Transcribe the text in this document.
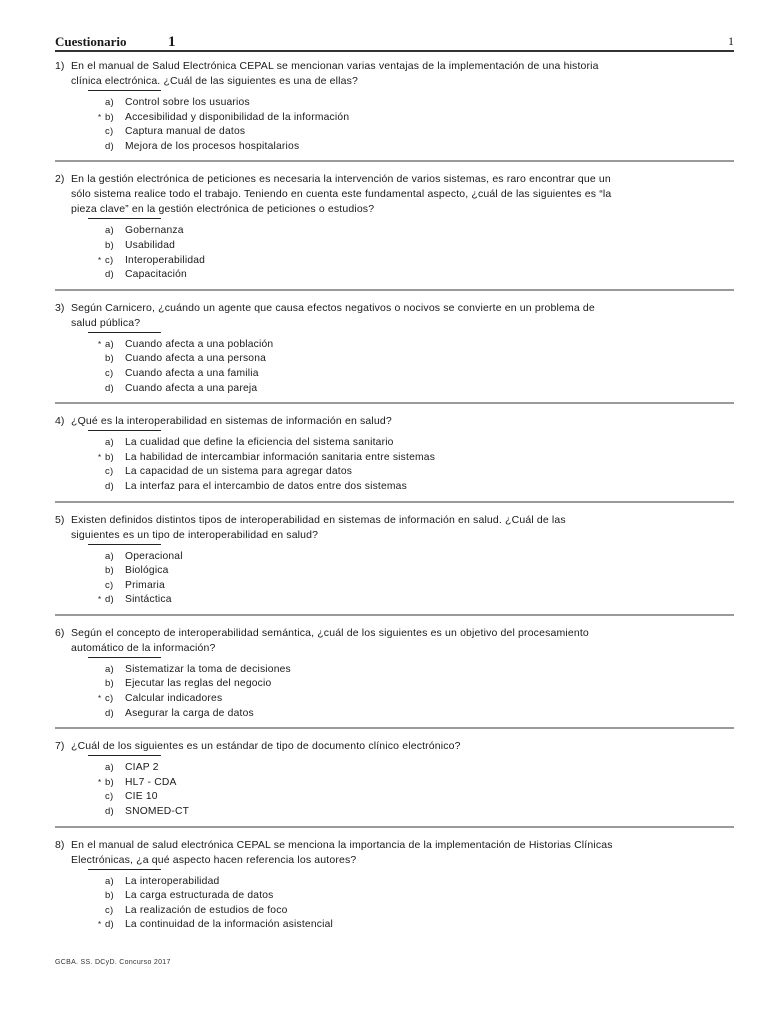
Cuestionario	1	1
1) En el manual de Salud Electrónica CEPAL se mencionan varias ventajas de la implementación de una historia clínica electrónica. ¿Cuál de las siguientes es una de ellas?
a)	Control sobre los usuarios
* b)	Accesibilidad y disponibilidad de la información
c)	Captura manual de datos
d)	Mejora de los procesos hospitalarios
2) En la gestión electrónica de peticiones es necesaria la intervención de varios sistemas, es raro encontrar que un sólo sistema realice todo el trabajo. Teniendo en cuenta este fundamental aspecto, ¿cuál de las siguientes es “la pieza clave” en la gestión electrónica de peticiones o estudios?
a)	Gobernanza
b)	Usabilidad
* c)	Interoperabilidad
d)	Capacitación
3) Según Carnicero, ¿cuándo un agente que causa efectos negativos o nocivos se convierte en un problema de salud pública?
* a)	Cuando afecta a una población
b)	Cuando afecta a una persona
c)	Cuando afecta a una familia
d)	Cuando afecta a una pareja
4) ¿Qué es la interoperabilidad en sistemas de información en salud?
a)	La cualidad que define la eficiencia del sistema sanitario
* b)	La habilidad de intercambiar información sanitaria entre sistemas
c)	La capacidad de un sistema para agregar datos
d)	La interfaz para el intercambio de datos entre dos sistemas
5) Existen definidos distintos tipos de interoperabilidad en sistemas de información en salud. ¿Cuál de las siguientes es un tipo de interoperabilidad en salud?
a)	Operacional
b)	Biológica
c)	Primaria
* d)	Sintáctica
6) Según el concepto de interoperabilidad semántica, ¿cuál de los siguientes es un objetivo del procesamiento automático de la información?
a)	Sistematizar la toma de decisiones
b)	Ejecutar las reglas del negocio
* c)	Calcular indicadores
d)	Asegurar la carga de datos
7) ¿Cuál de los siguientes es un estándar de tipo de documento clínico electrónico?
a)	CIAP 2
* b)	HL7 - CDA
c)	CIE 10
d)	SNOMED-CT
8) En el manual de salud electrónica CEPAL se menciona la importancia de la implementación de Historias Clínicas Electrónicas, ¿a qué aspecto hacen referencia los autores?
a)	La interoperabilidad
b)	La carga estructurada de datos
c)	La realización de estudios de foco
* d)	La continuidad de la información asistencial
GCBA. SS. DCyD. Concurso 2017
